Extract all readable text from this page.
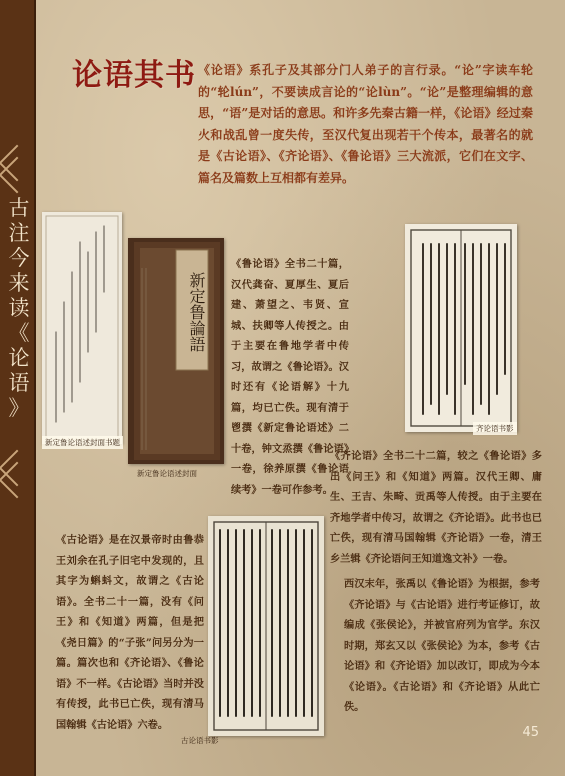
古
注
今
来
读
《
论
语
》
论语其书 《论语》系孔子及其部分门人弟子的言行录。“论”字读车轮的“轮lún”，不要读成言论的“论lùn”。“论”是整理编辑的意思，“语”是对话的意思。和许多先秦古籍一样，《论语》经过秦火和战乱曾一度失传，至汉代复出现若干个传本，最著名的就是《古论语》、《齐论语》、《鲁论语》三大流派，它们在文字、篇名及篇数上互相都有差异。
新定鲁论语述封面书题
新定鲁論語
新定鲁论语述封面
《鲁论语》全书二十篇，汉代龚奋、夏厚生、夏后建、萧望之、韦贤、宣城、扶卿等人传授之。由于主要在鲁地学者中传习，故谓之《鲁论语》。汉时还有《论语解》十九篇，均已亡佚。现有清于鬯撰《新定鲁论语述》二十卷，钟文烝撰《鲁论语》一卷，徐养原撰《鲁论语续考》一卷可作参考。
齐论语书影
《齐论语》全书二十二篇，较之《鲁论语》多出《问王》和《知道》两篇。汉代王卿、庸生、王吉、朱畸、贡禹等人传授。由于主要在齐地学者中传习，故谓之《齐论语》。此书也已亡佚，现有清马国翰辑《齐论语》一卷，清王乡兰辑《齐论语问王知道逸文补》一卷。
《古论语》是在汉景帝时由鲁恭王刘余在孔子旧宅中发现的，且其字为蝌蚪文，故谓之《古论语》。全书二十一篇，没有《问王》和《知道》两篇，但是把《尧日篇》的“子张”问另分为一篇。篇次也和《齐论语》、《鲁论语》不一样。《古论语》当时并没有传授，此书已亡佚，现有清马国翰辑《古论语》六卷。
古论语书影
西汉末年，张禹以《鲁论语》为根据，参考《齐论语》与《古论语》进行考证修订，故编成《张侯论》，并被官府列为官学。东汉时期，郑玄又以《张侯论》为本，参考《古论语》和《齐论语》加以改订，即成为今本《论语》。《古论语》和《齐论语》从此亡佚。
45
